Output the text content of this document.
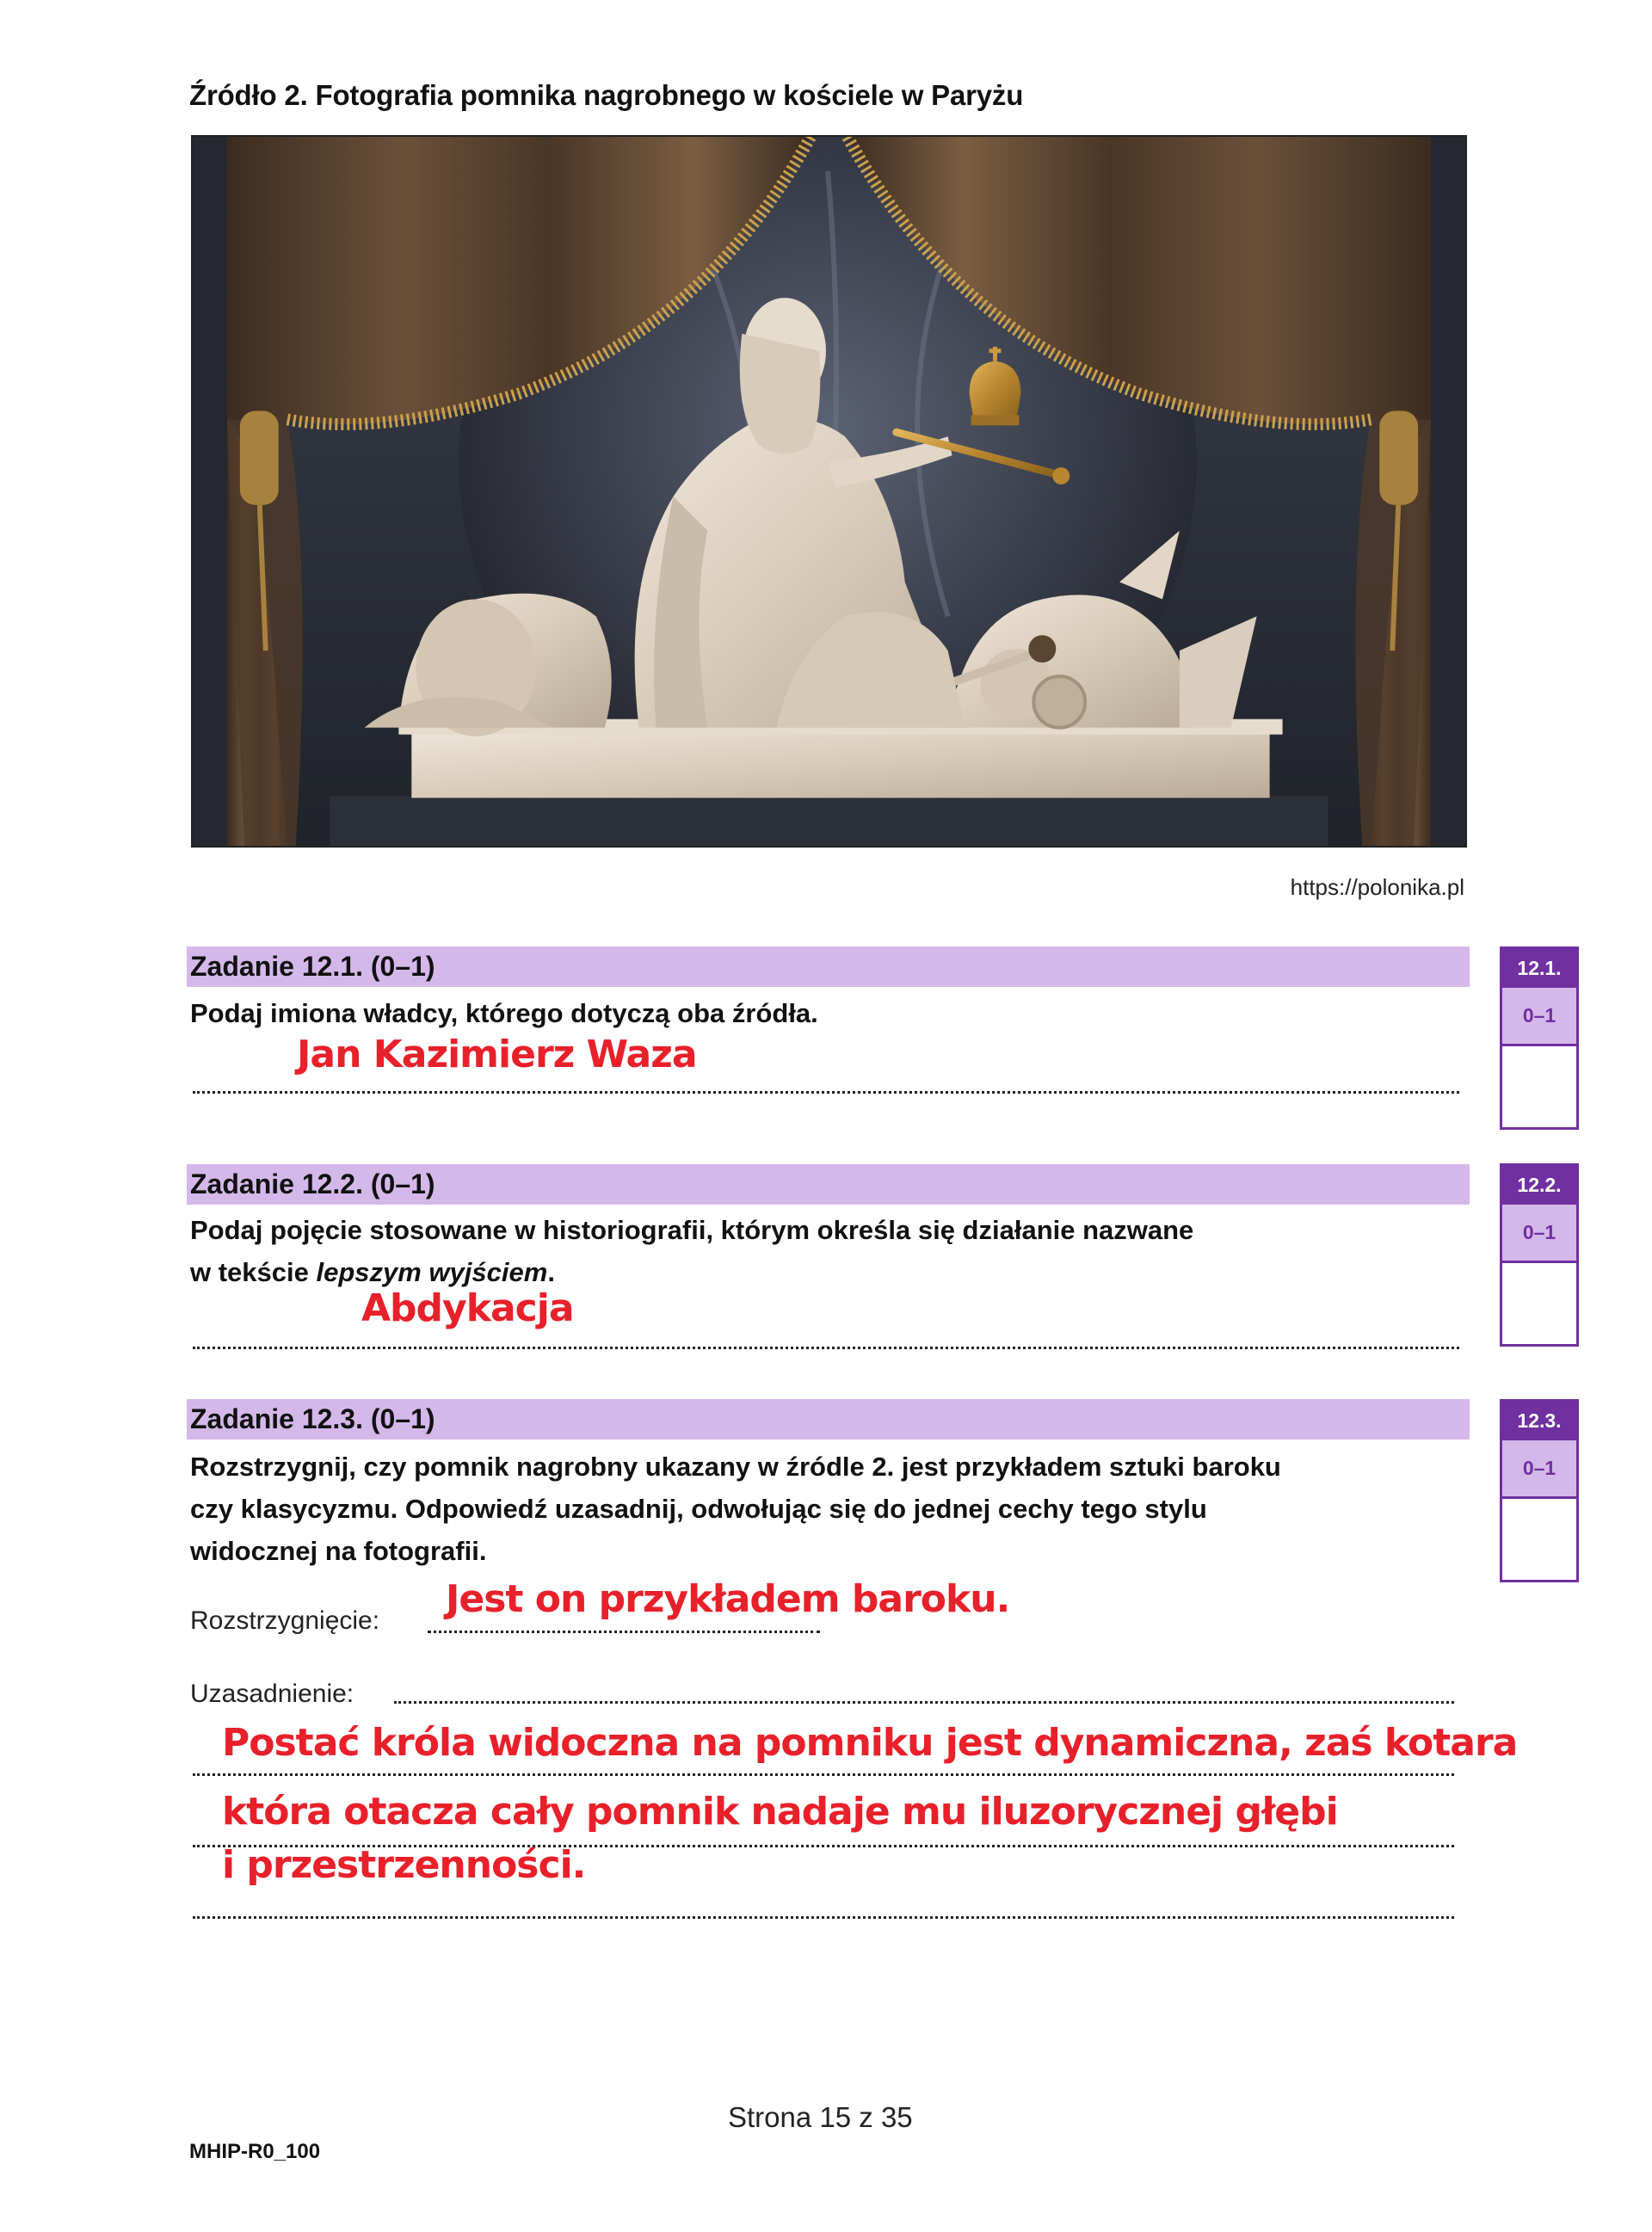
Źródło 2. Fotografia pomnika nagrobnego w kościele w Paryżu
https://polonika.pl
Zadanie 12.1. (0–1)
Podaj imiona władcy, którego dotyczą oba źródła.
Jan Kazimierz Waza
12.1.
0–1
Zadanie 12.2. (0–1)
Podaj pojęcie stosowane w historiografii, którym określa się działanie nazwane
w tekście lepszym wyjściem.
Abdykacja
12.2.
0–1
Zadanie 12.3. (0–1)
Rozstrzygnij, czy pomnik nagrobny ukazany w źródle 2. jest przykładem sztuki baroku
czy klasycyzmu. Odpowiedź uzasadnij, odwołując się do jednej cechy tego stylu
widocznej na fotografii.
Rozstrzygnięcie: Jest on przykładem baroku.
Uzasadnienie:
Postać króla widoczna na pomniku jest dynamiczna, zaś kotara
która otacza cały pomnik nadaje mu iluzorycznej głębi
i przestrzenności.
12.3.
0–1
Strona 15 z 35
MHIP-R0_100
